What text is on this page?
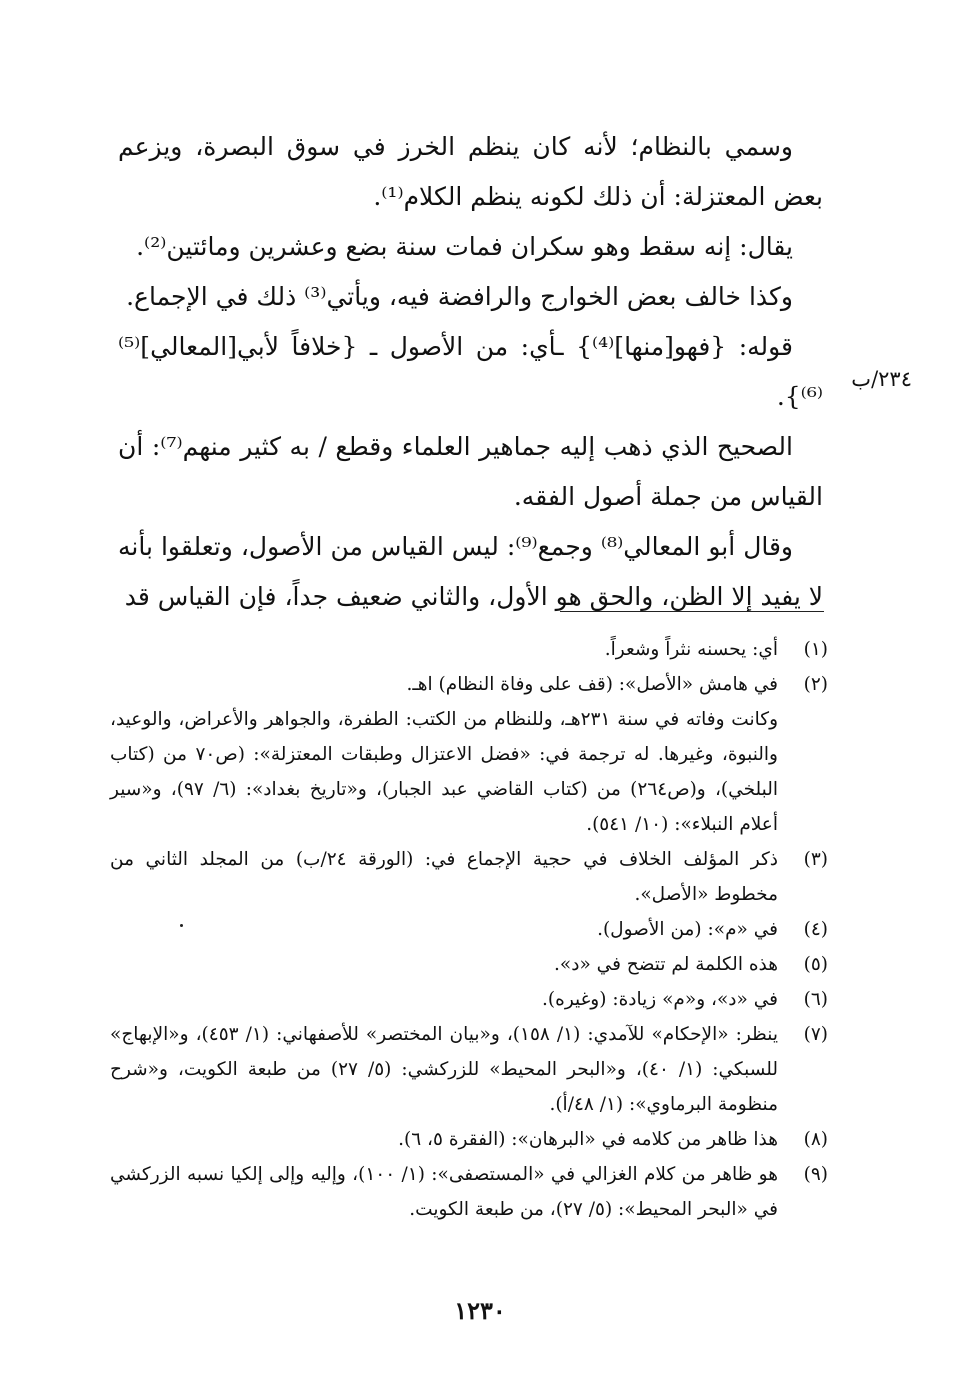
وسمي بالنظام؛ لأنه كان ينظم الخرز في سوق البصرة، ويزعم بعض المعتزلة: أن ذلك لكونه ينظم الكلام⁽¹⁾.

يقال: إنه سقط وهو سكران فمات سنة بضع وعشرين ومائتين⁽²⁾.

وكذا خالف بعض الخوارج والرافضة فيه، ويأتي⁽³⁾ ذلك في الإجماع.

قوله: {فهو[منها]⁽⁴⁾} ـأي: من الأصول ـ {خلافاً لأبي[المعالي]⁽⁵⁾⁽⁶⁾}.

الصحيح الذي ذهب إليه جماهير العلماء وقطع / به كثير منهم⁽⁷⁾: أن القياس من جملة أصول الفقه.

وقال أبو المعالي⁽⁸⁾ وجمع⁽⁹⁾: ليس القياس من الأصول، وتعلقوا بأنه لا يفيد إلا الظن، والحق هو الأول، والثاني ضعيف جداً، فإن القياس قد

٢٣٤/ب
(١)
أي: يحسنه نثراً وشعراً.
(٢)
في هامش «الأصل»: (قف على وفاة النظام) اهـ.
وكانت وفاته في سنة ٢٣١هـ، وللنظام من الكتب: الطفرة، والجواهر والأعراض، والوعيد، والنبوة، وغيرها. له ترجمة في: «فضل الاعتزال وطبقات المعتزلة»: (ص٧٠ من (كتاب البلخي)، و(ص٢٦٤) من (كتاب القاضي عبد الجبار)، و«تاريخ بغداد»: (٦/ ٩٧)، و«سير أعلام النبلاء»: (١٠/ ٥٤١).
(٣)
ذكر المؤلف الخلاف في حجية الإجماع في: (الورقة ٢٤/ب) من المجلد الثاني من مخطوط «الأصل».
(٤)
في «م»: (من الأصول).
(٥)
هذه الكلمة لم تتضح في «د».
(٦)
في «د»، و«م» زيادة: (وغيره).
(٧)
ينظر: «الإحكام» للآمدي: (١/ ١٥٨)، و«بيان المختصر» للأصفهاني: (١/ ٤٥٣)، و«الإبهاج» للسبكي: (١/ ٤٠)، و«البحر المحيط» للزركشي: (٥/ ٢٧) من طبعة الكويت، و«شرح منظومة البرماوي»: (١/ ٤٨/أ).
(٨)
هذا ظاهر من كلامه في «البرهان»: (الفقرة ٥، ٦).
(٩)
هو ظاهر من كلام الغزالي في «المستصفى»: (١/ ١٠٠)، وإليه وإلى إلكيا نسبه الزركشي في «البحر المحيط»: (٥/ ٢٧)، من طبعة الكويت.
١٢٣٠
